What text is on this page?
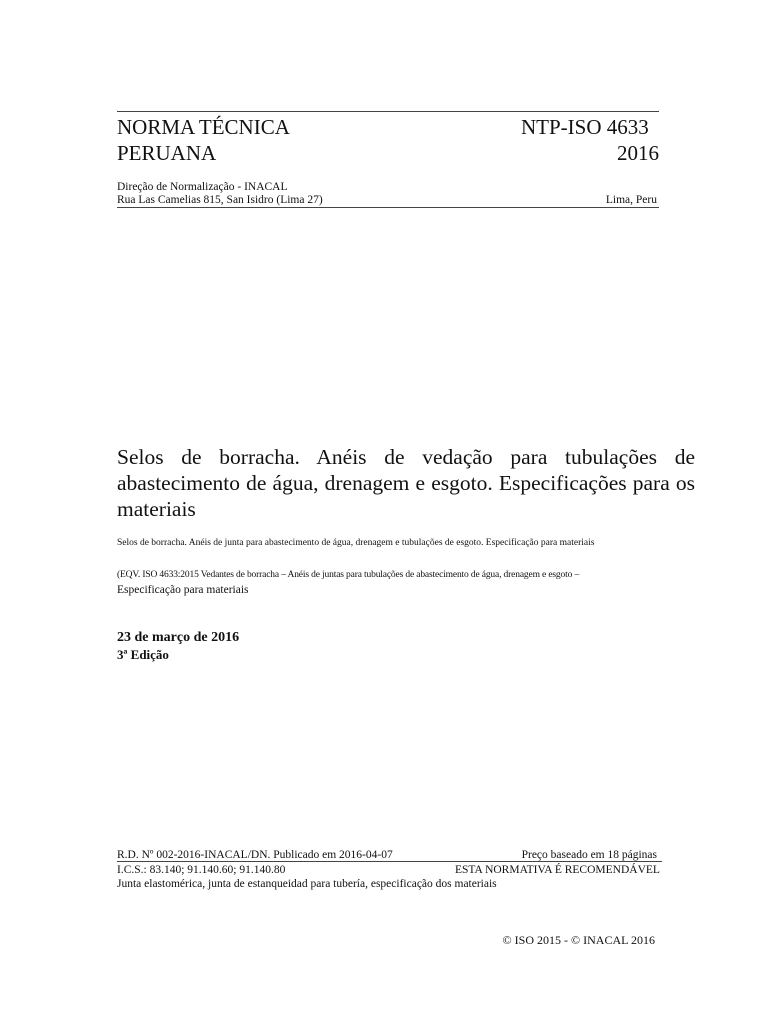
NORMA TÉCNICA
PERUANA
NTP-ISO 4633
2016
Direção de Normalização - INACAL
Rua Las Camelias 815, San Isidro (Lima 27)	Lima, Peru
Selos de borracha. Anéis de vedação para tubulações de abastecimento de água, drenagem e esgoto. Especificações para os materiais
Selos de borracha. Anéis de junta para abastecimento de água, drenagem e tubulações de esgoto. Especificação para materiais
(EQV. ISO 4633:2015 Vedantes de borracha – Anéis de juntas para tubulações de abastecimento de água, drenagem e esgoto –
Especificação para materiais
23 de março de 2016
3ª Edição
R.D. Nº 002-2016-INACAL/DN. Publicado em 2016-04-07	Preço baseado em 18 páginas
I.C.S.: 83.140; 91.140.60; 91.140.80	ESTA NORMATIVA É RECOMENDÁVEL
Junta elastomérica, junta de estanqueidad para tubería, especificação dos materiais
© ISO 2015 - © INACAL 2016
